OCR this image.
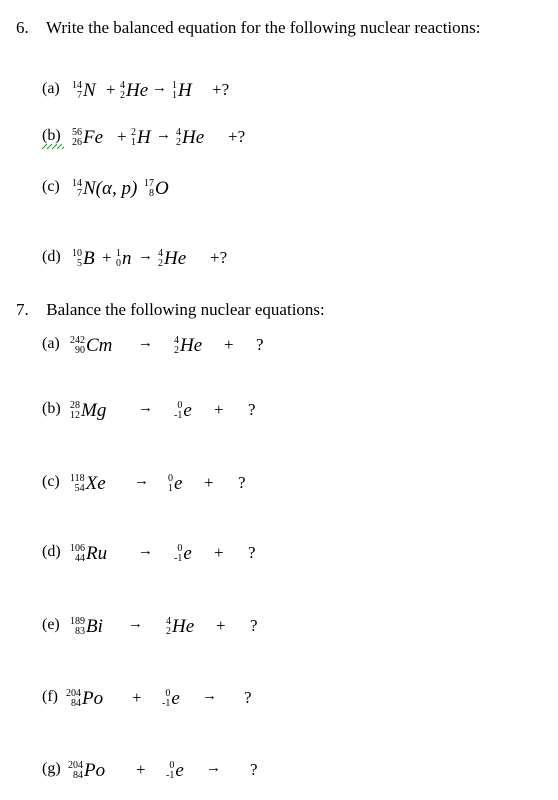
6. Write the balanced equation for the following nuclear reactions:
(a) 14
7 N + 4
2 He → 1
1 H +?
(b) 56
26 Fe + 2
1 H → 4
2 He +?
(c) 14
7 N(α, p) 17
8 O
(d) 10
5 B + 1
0 n → 4
2 He +?
7. Balance the following nuclear equations:
(a) 242
90 Cm → 4
2 He + ?
(b) 28
12 Mg → 0
-1 e + ?
(c) 118
54 Xe → 0
1 e + ?
(d) 106
44 Ru → 0
-1 e + ?
(e) 189
83 Bi → 4
2 He + ?
(f) 204
84 Po + 0
-1 e → ?
(g) 204
84 Po + 0
-1 e → ?
